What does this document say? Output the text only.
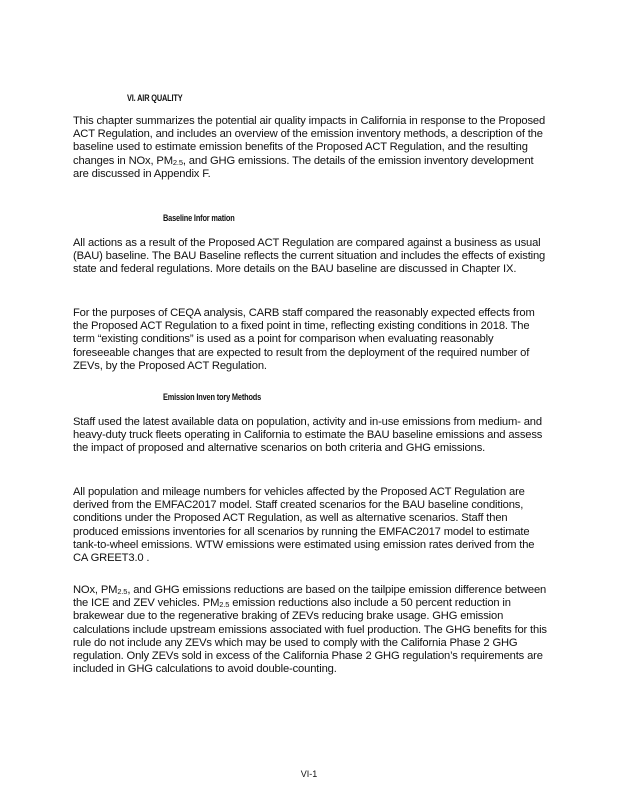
VI. AIR QUALITY

This chapter summarizes the potential air quality impacts in California in response to the Proposed ACT Regulation, and includes an overview of the emission inventory methods, a description of the baseline used to estimate emission benefits of the Proposed ACT Regulation, and the resulting changes in NOx, PM2.5, and GHG emissions. The details of the emission inventory development are discussed in Appendix F.

Baseline Infor mation

All actions as a result of the Proposed ACT Regulation are compared against a business as usual (BAU) baseline. The BAU Baseline reflects the current situation and includes the effects of existing state and federal regulations. More details on the BAU baseline are discussed in Chapter IX.

For the purposes of CEQA analysis, CARB staff compared the reasonably expected effects from the Proposed ACT Regulation to a fixed point in time, reflecting existing conditions in 2018. The term “existing conditions” is used as a point for comparison when evaluating reasonably foreseeable changes that are expected to result from the deployment of the required number of ZEVs, by the Proposed ACT Regulation.

Emission Inven tory Methods

Staff used the latest available data on population, activity and in-use emissions from medium- and heavy-duty truck fleets operating in California to estimate the BAU baseline emissions and assess the impact of proposed and alternative scenarios on both criteria and GHG emissions.

All population and mileage numbers for vehicles affected by the Proposed ACT Regulation are derived from the EMFAC2017 model. Staff created scenarios for the BAU baseline conditions, conditions under the Proposed ACT Regulation, as well as alternative scenarios. Staff then produced emissions inventories for all scenarios by running the EMFAC2017 model to estimate tank-to-wheel emissions. WTW emissions were estimated using emission rates derived from the CA GREET3.0 .

NOx, PM2.5, and GHG emissions reductions are based on the tailpipe emission difference between the ICE and ZEV vehicles. PM2.5 emission reductions also include a 50 percent reduction in brakewear due to the regenerative braking of ZEVs reducing brake usage. GHG emission calculations include upstream emissions associated with fuel production. The GHG benefits for this rule do not include any ZEVs which may be used to comply with the California Phase 2 GHG regulation. Only ZEVs sold in excess of the California Phase 2 GHG regulation’s requirements are included in GHG calculations to avoid double-counting.

VI-1
